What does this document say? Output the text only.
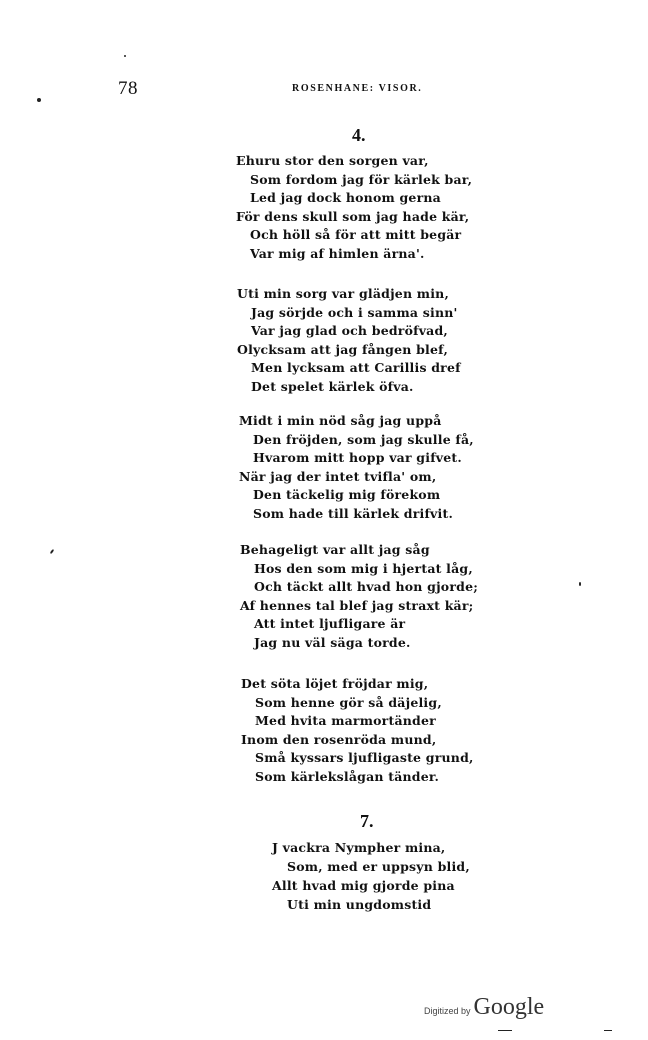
78	ROSENHANE: VISOR.
4.
Ehuru stor den sorgen var,
Som fordom jag för kärlek bar,
Led jag dock honom gerna
För dens skull som jag hade kär,
Och höll så för att mitt begär
Var mig af himlen ärna'.
Uti min sorg var glädjen min,
Jag sörjde och i samma sinn'
Var jag glad och bedröfvad,
Olycksam att jag fången blef,
Men lycksam att Carillis dref
Det spelet kärlek öfva.
Midt i min nöd såg jag uppå
Den fröjden, som jag skulle få,
Hvarom mitt hopp var gifvet.
När jag der intet tvifla' om,
Den täckelig mig förekom
Som hade till kärlek drifvit.
Behageligt var allt jag såg
Hos den som mig i hjertat låg,
Och täckt allt hvad hon gjorde;
Af hennes tal blef jag straxt kär;
Att intet ljufligare är
Jag nu väl säga torde.
Det söta löjet fröjdar mig,
Som henne gör så däjelig,
Med hvita marmortänder
Inom den rosenröda mund,
Små kyssars ljufligaste grund,
Som kärlekslågan tänder.
7.
J vackra Nympher mina,
Som, med er uppsyn blid,
Allt hvad mig gjorde pina
Uti min ungdomstid
Digitized by Google
